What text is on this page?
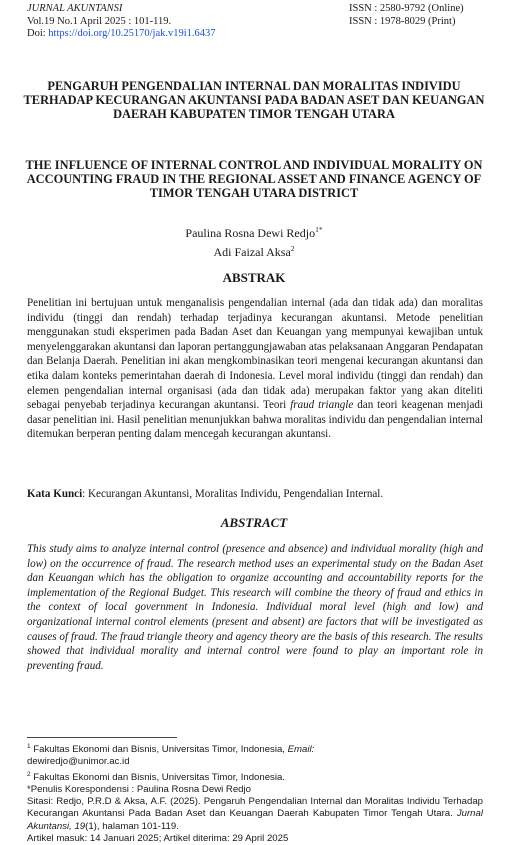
JURNAL AKUNTANSI
Vol.19 No.1 April 2025 : 101-119.
Doi: https://doi.org/10.25170/jak.v19i1.6437
ISSN : 2580-9792 (Online)
ISSN : 1978-8029 (Print)
PENGARUH PENGENDALIAN INTERNAL DAN MORALITAS INDIVIDU TERHADAP KECURANGAN AKUNTANSI PADA BADAN ASET DAN KEUANGAN DAERAH KABUPATEN TIMOR TENGAH UTARA
THE INFLUENCE OF INTERNAL CONTROL AND INDIVIDUAL MORALITY ON ACCOUNTING FRAUD IN THE REGIONAL ASSET AND FINANCE AGENCY OF TIMOR TENGAH UTARA DISTRICT
Paulina Rosna Dewi Redjo$^{1*}$
Adi Faizal Aksa$^2$
ABSTRAK
Penelitian ini bertujuan untuk menganalisis pengendalian internal (ada dan tidak ada) dan moralitas individu (tinggi dan rendah) terhadap terjadinya kecurangan akuntansi. Metode penelitian menggunakan studi eksperimen pada Badan Aset dan Keuangan yang mempunyai kewajiban untuk menyelenggarakan akuntansi dan laporan pertanggungjawaban atas pelaksanaan Anggaran Pendapatan dan Belanja Daerah. Penelitian ini akan mengkombinasikan teori mengenai kecurangan akuntansi dan etika dalam konteks pemerintahan daerah di Indonesia. Level moral individu (tinggi dan rendah) dan elemen pengendalian internal organisasi (ada dan tidak ada) merupakan faktor yang akan diteliti sebagai penyebab terjadinya kecurangan akuntansi. Teori fraud triangle dan teori keagenan menjadi dasar penelitian ini. Hasil penelitian menunjukkan bahwa moralitas individu dan pengendalian internal ditemukan berperan penting dalam mencegah kecurangan akuntansi.
Kata Kunci: Kecurangan Akuntansi, Moralitas Individu, Pengendalian Internal.
ABSTRACT
This study aims to analyze internal control (presence and absence) and individual morality (high and low) on the occurrence of fraud. The research method uses an experimental study on the Badan Aset dan Keuangan which has the obligation to organize accounting and accountability reports for the implementation of the Regional Budget. This research will combine the theory of fraud and ethics in the context of local government in Indonesia. Individual moral level (high and low) and organizational internal control elements (present and absent) are factors that will be investigated as causes of fraud. The fraud triangle theory and agency theory are the basis of this research. The results showed that individual morality and internal control were found to play an important role in preventing fraud.
$^1$ Fakultas Ekonomi dan Bisnis, Universitas Timor, Indonesia, Email:
dewiredjo@unimor.ac.id
$^2$ Fakultas Ekonomi dan Bisnis, Universitas Timor, Indonesia.
*Penulis Korespondensi : Paulina Rosna Dewi Redjo
Sitasi: Redjo, P.R.D & Aksa, A.F. (2025). Pengaruh Pengendalian Internal dan Moralitas Individu Terhadap Kecurangan Akuntansi Pada Badan Aset dan Keuangan Daerah Kabupaten Timor Tengah Utara. Jurnal Akuntansi, 19(1), halaman 101-119.
Artikel masuk: 14 Januari 2025; Artikel diterima: 29 April 2025
